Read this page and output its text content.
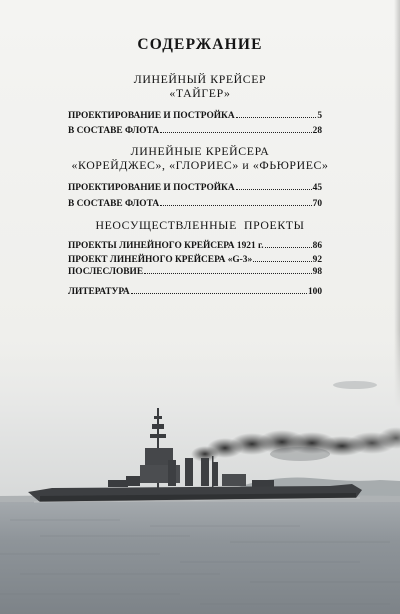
СОДЕРЖАНИЕ
ЛИНЕЙНЫЙ КРЕЙСЕР
«ТАЙГЕР»
ПРОЕКТИРОВАНИЕ И ПОСТРОЙКА	5
В СОСТАВЕ ФЛОТА	28
ЛИНЕЙНЫЕ КРЕЙСЕРА
«КОРЕЙДЖЕС», «ГЛОРИЕС» и «ФЬЮРИЕС»
ПРОЕКТИРОВАНИЕ И ПОСТРОЙКА	45
В СОСТАВЕ ФЛОТА	70
НЕОСУЩЕСТВЛЕННЫЕ  ПРОЕКТЫ
ПРОЕКТЫ ЛИНЕЙНОГО КРЕЙСЕРА 1921 г.	86
ПРОЕКТ ЛИНЕЙНОГО КРЕЙСЕРА «G-3»	92
ПОСЛЕСЛОВИЕ	98
ЛИТЕРАТУРА	100
